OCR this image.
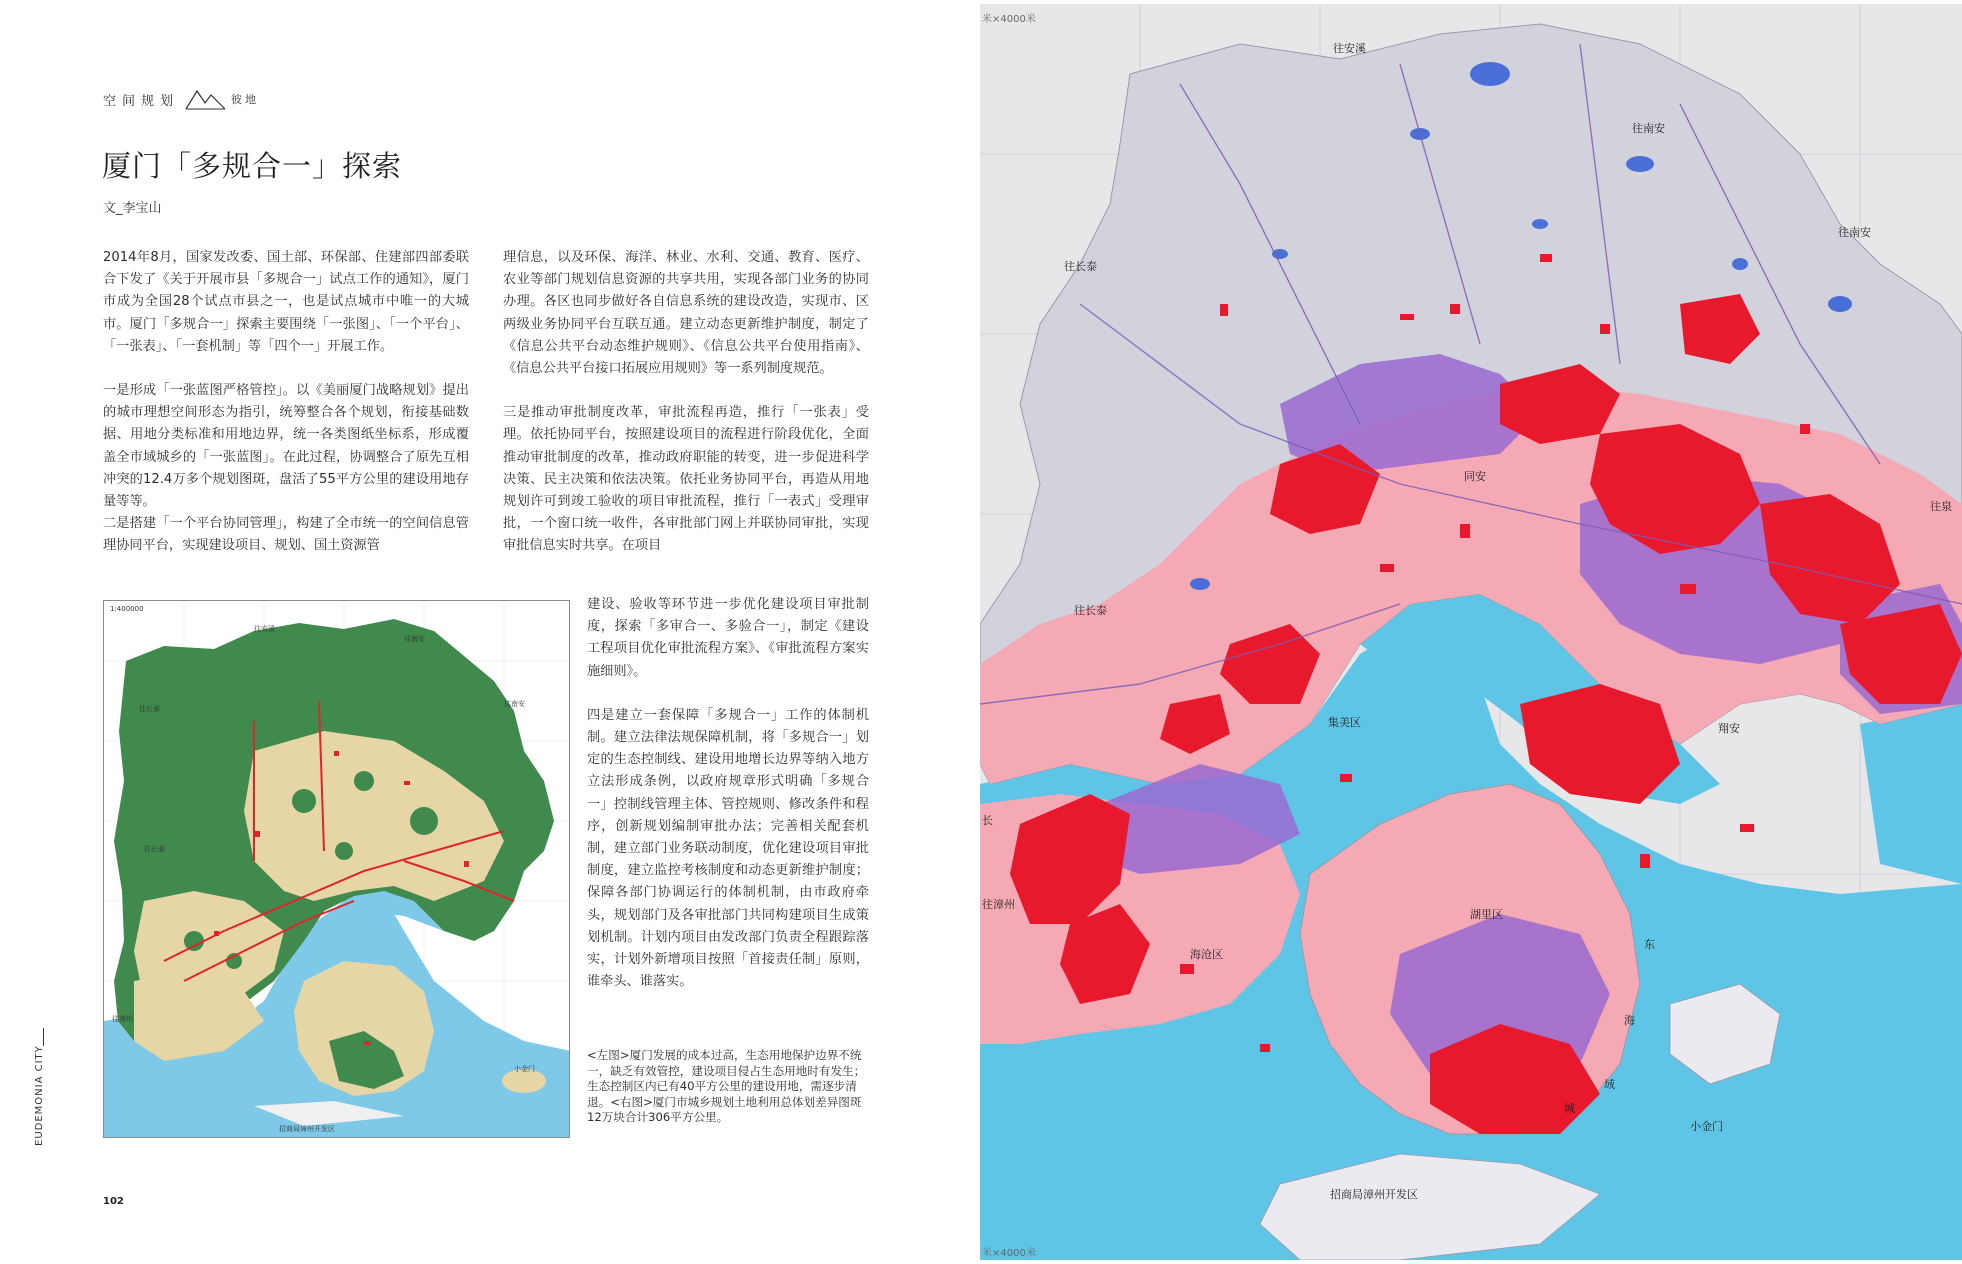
空间规划	彼地
厦门「多规合一」探索
文_李宝山

2014年8月，国家发改委、国土部、环保部、住建部四部委联合下发了《关于开展市县「多规合一」试点工作的通知》，厦门市成为全国28个试点市县之一，也是试点城市中唯一的大城市。厦门「多规合一」探索主要围绕「一张图」、「一个平台」、「一张表」、「一套机制」等「四个一」开展工作。

一是形成「一张蓝图严格管控」。以《美丽厦门战略规划》提出的城市理想空间形态为指引，统筹整合各个规划，衔接基础数据、用地分类标准和用地边界，统一各类图纸坐标系，形成覆盖全市域城乡的「一张蓝图」。在此过程，协调整合了原先互相冲突的12.4万多个规划图斑，盘活了55平方公里的建设用地存量等等。

二是搭建「一个平台协同管理」，构建了全市统一的空间信息管理协同平台，实现建设项目、规划、国土资源管

理信息，以及环保、海洋、林业、水利、交通、教育、医疗、农业等部门规划信息资源的共享共用，实现各部门业务的协同办理。各区也同步做好各自信息系统的建设改造，实现市、区两级业务协同平台互联互通。建立动态更新维护制度，制定了《信息公共平台动态维护规则》、《信息公共平台使用指南》、《信息公共平台接口拓展应用规则》等一系列制度规范。

三是推动审批制度改革，审批流程再造，推行「一张表」受理。依托协同平台，按照建设项目的流程进行阶段优化，全面推动审批制度的改革，推动政府职能的转变，进一步促进科学决策、民主决策和依法决策。依托业务协同平台，再造从用地规划许可到竣工验收的项目审批流程，推行「一表式」受理审批，一个窗口统一收件，各审批部门网上并联协同审批，实现审批信息实时共享。在项目

建设、验收等环节进一步优化建设项目审批制度，探索「多审合一、多验合一」，制定《建设工程项目优化审批流程方案》、《审批流程方案实施细则》。

四是建立一套保障「多规合一」工作的体制机制。建立法律法规保障机制，将「多规合一」划定的生态控制线、建设用地增长边界等纳入地方立法形成条例，以政府规章形式明确「多规合一」控制线管理主体、管控规则、修改条件和程序，创新规划编制审批办法；完善相关配套机制，建立部门业务联动制度，优化建设项目审批制度，建立监控考核制度和动态更新维护制度；保障各部门协调运行的体制机制，由市政府牵头，规划部门及各审批部门共同构建项目生成策划机制。计划内项目由发改部门负责全程跟踪落实，计划外新增项目按照「首接责任制」原则，谁牵头、谁落实。

<左图>厦门发展的成本过高，生态用地保护边界不统一，缺乏有效管控，建设项目侵占生态用地时有发生；生态控制区内已有40平方公里的建设用地，需逐步清退。<右图>厦门市城乡规划土地利用总体划差异图斑12万块合计306平方公里。
1:400000
往安溪
往南安
往长泰
往南安
往长泰
往漳州
招商局漳州开发区
小金门
EUDEMONIA CITY
102
米×4000米
米×4000米
往安溪
往南安
往南安
往长泰
往泉
往长泰
同安
翔安
集美区
长
往漳州
海沧区
湖里区
东
海
域
城
小金门
招商局漳州开发区
